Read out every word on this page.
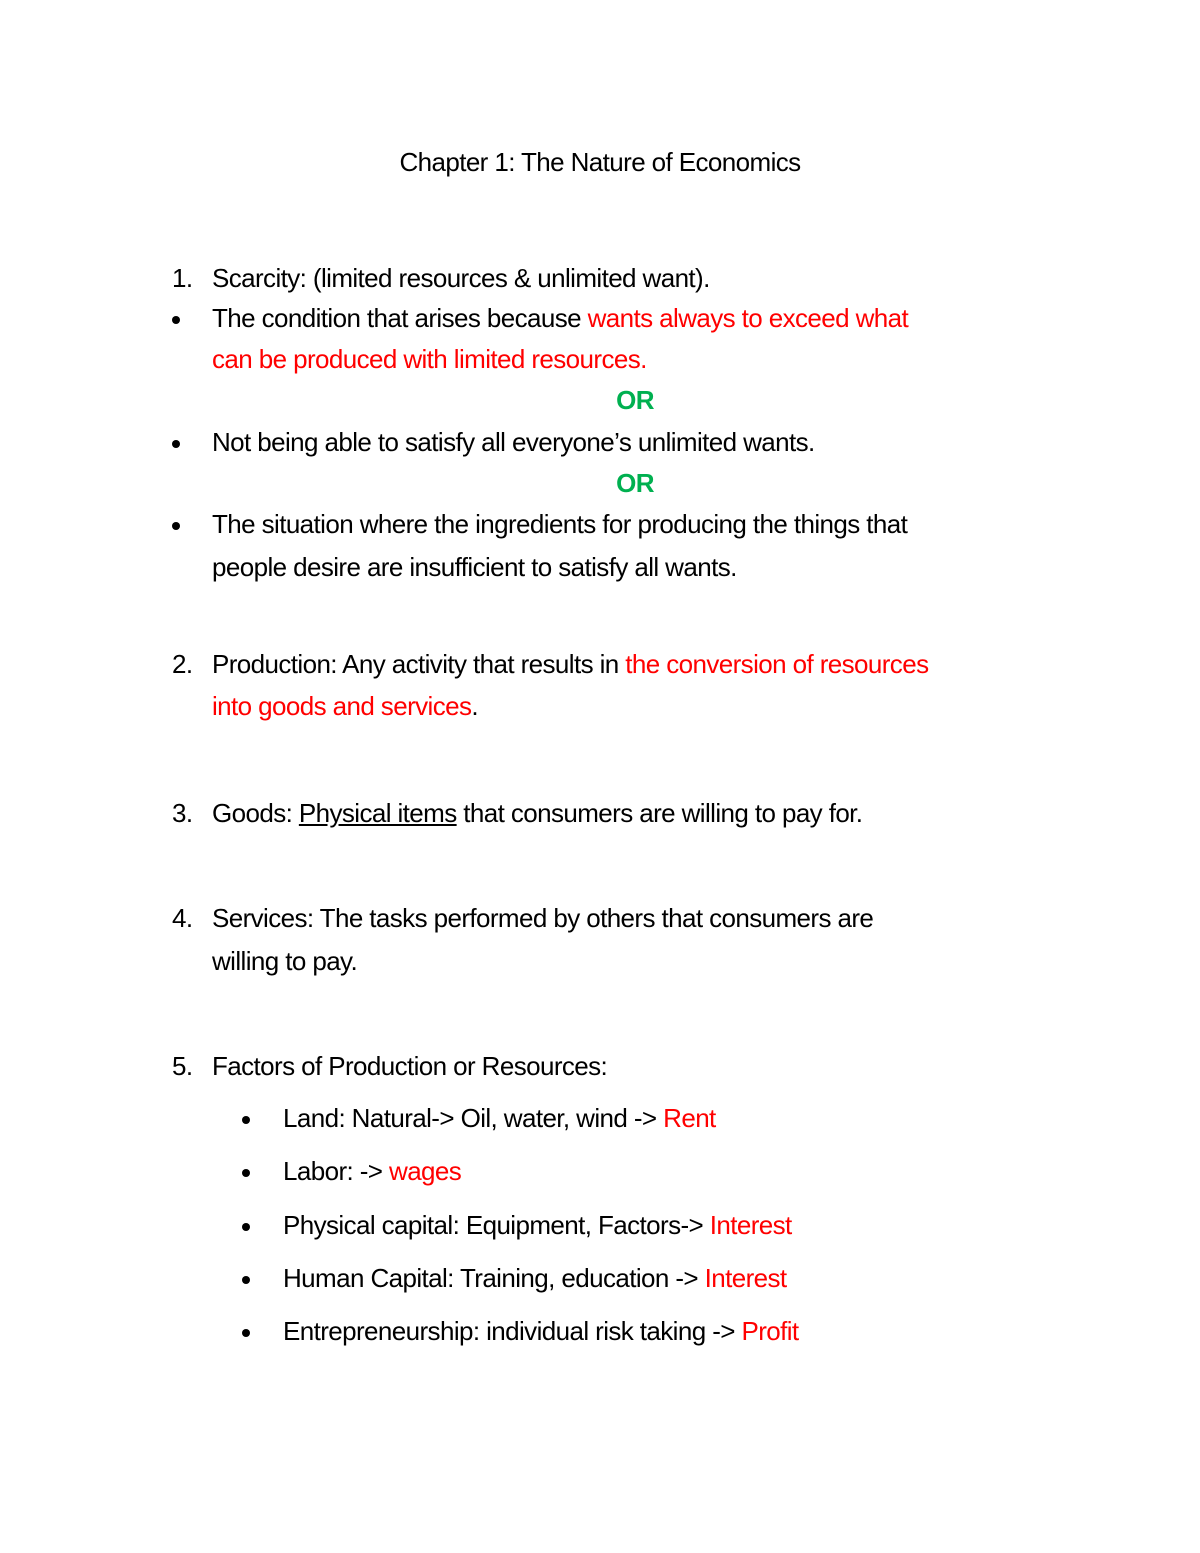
Chapter 1: The Nature of Economics
1. Scarcity: (limited resources & unlimited want).
The condition that arises because wants always to exceed what
can be produced with limited resources.
OR
Not being able to satisfy all everyone’s unlimited wants.
OR
The situation where the ingredients for producing the things that
people desire are insufficient to satisfy all wants.
2. Production: Any activity that results in the conversion of resources
into goods and services.
3. Goods: Physical items that consumers are willing to pay for.
4. Services: The tasks performed by others that consumers are
willing to pay.
5. Factors of Production or Resources:
Land: Natural-> Oil, water, wind -> Rent
Labor: -> wages
Physical capital: Equipment, Factors-> Interest
Human Capital: Training, education -> Interest
Entrepreneurship: individual risk taking -> Profit
